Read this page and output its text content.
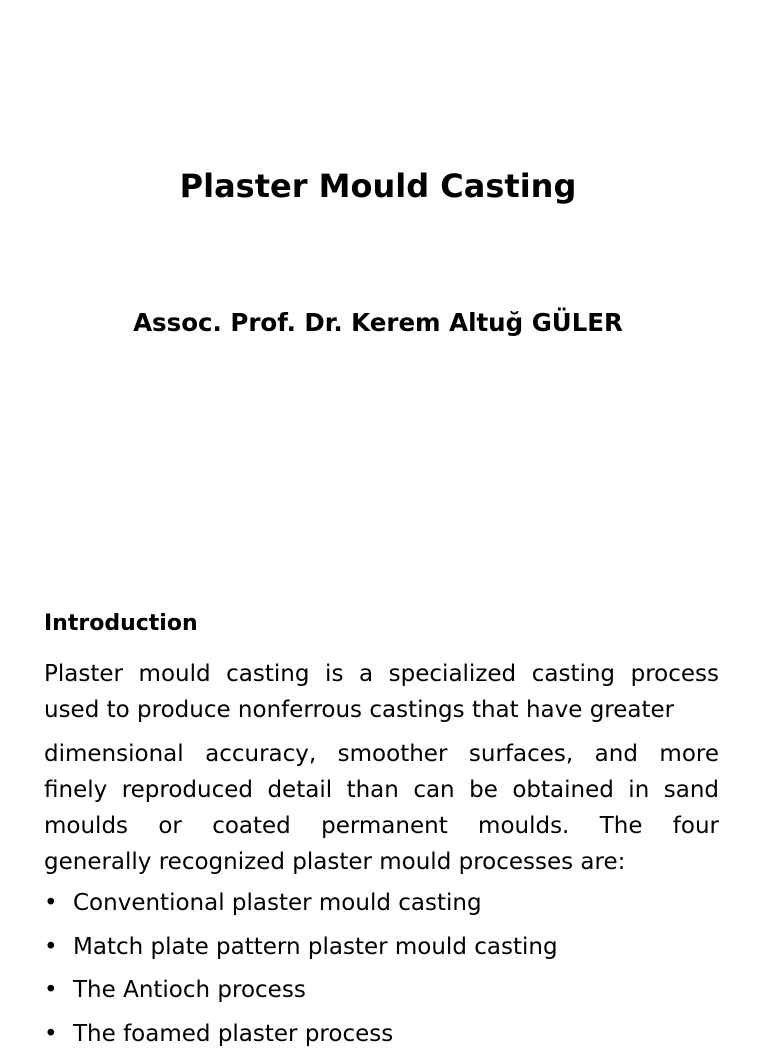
Plaster Mould Casting
Assoc. Prof. Dr. Kerem Altuğ GÜLER
Introduction
Plaster mould casting is a specialized casting process
used to produce nonferrous castings that have greater
dimensional accuracy, smoother surfaces, and more
finely reproduced detail than can be obtained in sand
moulds or coated permanent moulds. The four
generally recognized plaster mould processes are:
• Conventional plaster mould casting
• Match plate pattern plaster mould casting
• The Antioch process
• The foamed plaster process
